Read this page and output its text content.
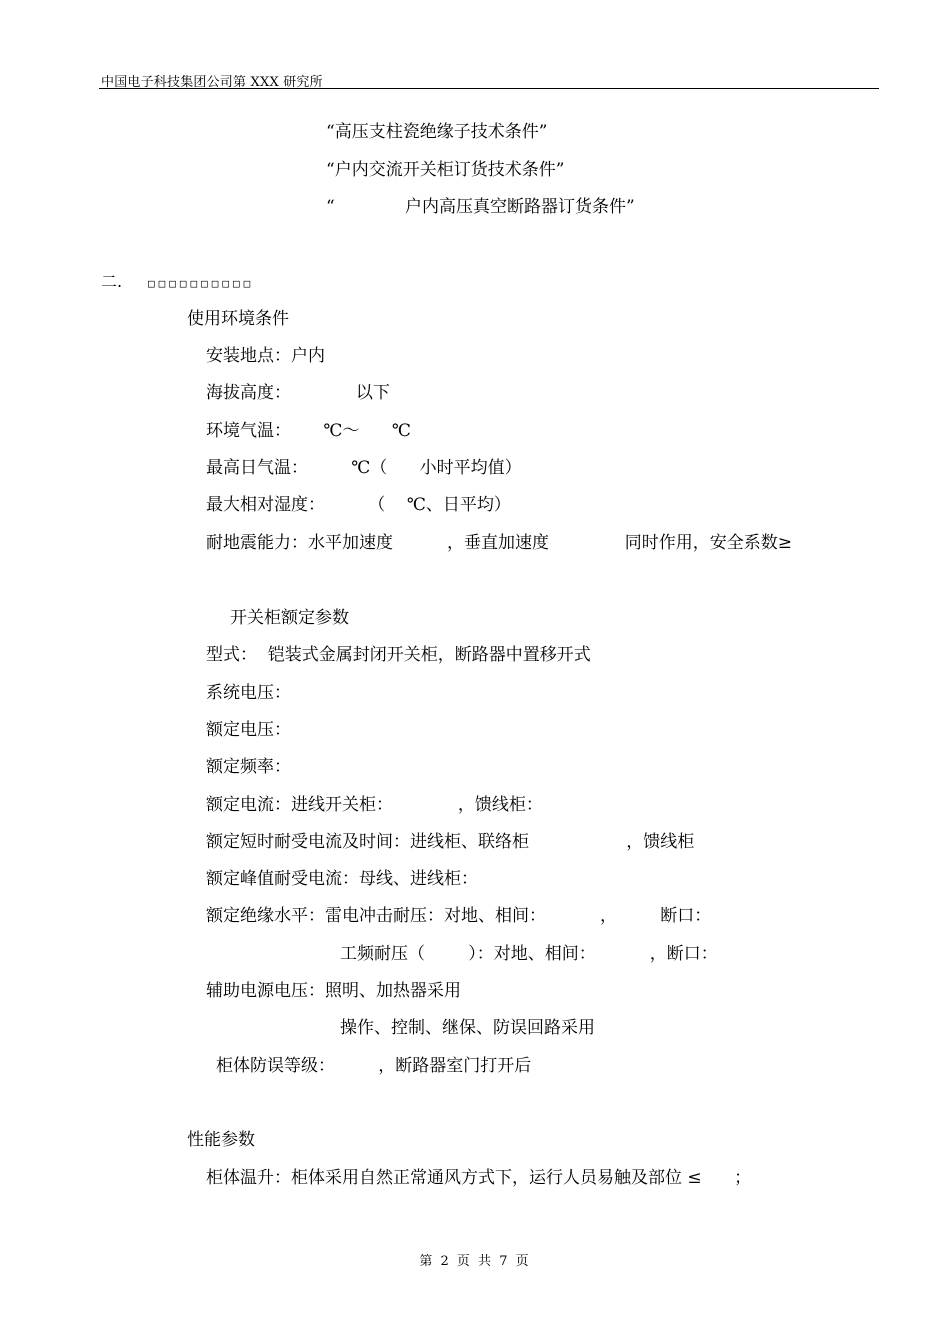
中国电子科技集团公司第 XXX 研究所
“高压支柱瓷绝缘子技术条件”
“户内交流开关柜订货技术条件”
“             户内高压真空断路器订货条件”
二. □□□□□□□□□□
使用环境条件
安装地点：户内
海拔高度：            以下
环境气温：      ℃～      ℃
最高日气温：        ℃（      小时平均值）
最大相对湿度：        （    ℃、日平均）
耐地震能力：水平加速度          ，垂直加速度              同时作用，安全系数≥
开关柜额定参数
型式：  铠装式金属封闭开关柜，断路器中置移开式
系统电压：
额定电压：
额定频率：
额定电流：进线开关柜：            ，馈线柜：
额定短时耐受电流及时间：进线柜、联络柜                  ，馈线柜
额定峰值耐受电流：母线、进线柜：
额定绝缘水平：雷电冲击耐压：对地、相间：          ，        断口：
工频耐压（        ）：对地、相间：          ，断口：
辅助电源电压：照明、加热器采用
操作、控制、继保、防误回路采用
柜体防误等级：        ，断路器室门打开后
性能参数
柜体温升：柜体采用自然正常通风方式下，运行人员易触及部位 ≤      ；
第 2 页 共 7 页
